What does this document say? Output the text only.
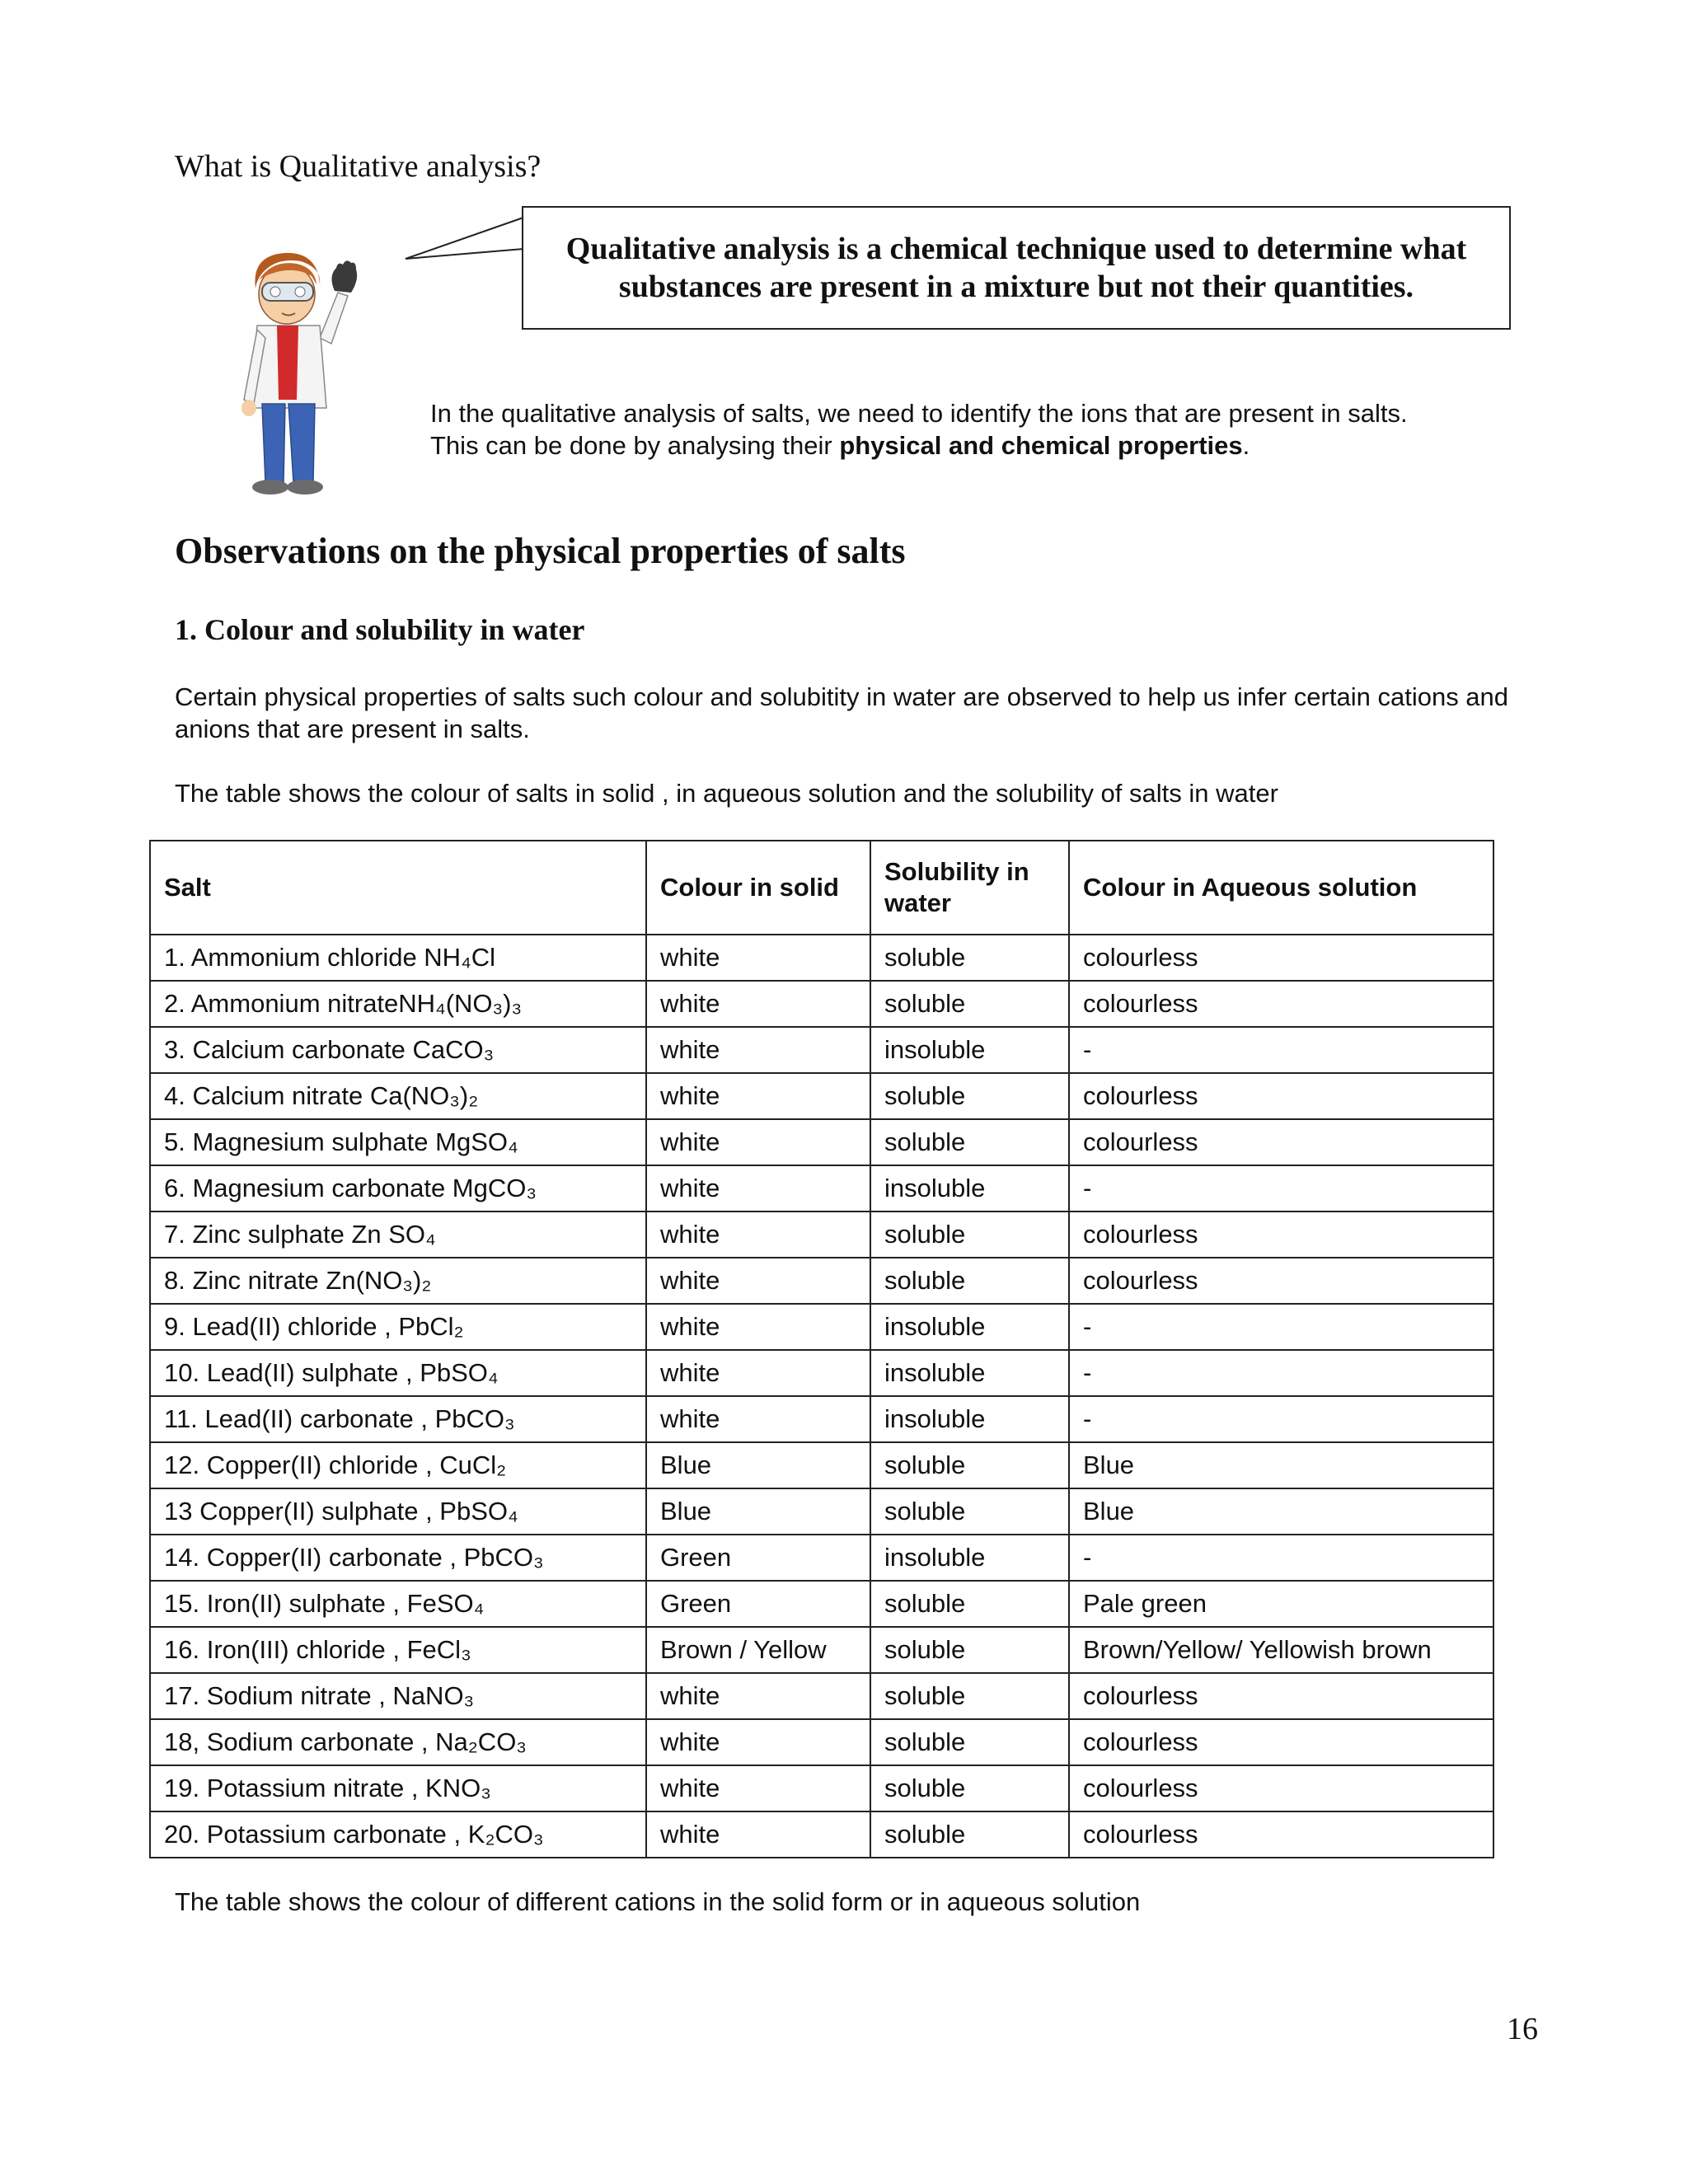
What is Qualitative analysis?
Qualitative analysis is a chemical technique used to determine what substances are present in a mixture but not their quantities.

In the qualitative analysis of salts, we need to identify the ions that are present in salts.

This can be done by analysing their physical and chemical properties.

Observations on the physical properties of salts
1. Colour and solubility in water
Certain physical properties of salts such colour and solubitity in water are observed to help us infer certain cations and anions that are present in salts.
The table shows the colour of salts in solid , in aqueous solution and the solubility of salts in water
Salt	Colour in solid	Solubility in water	Colour in Aqueous solution
1. Ammonium chloride NH₄Cl	white	soluble	colourless
2. Ammonium nitrateNH₄(NO₃)₃	white	soluble	colourless
3. Calcium carbonate CaCO₃	white	insoluble	-
4. Calcium nitrate Ca(NO₃)₂	white	soluble	colourless
5. Magnesium sulphate MgSO₄	white	soluble	colourless
6. Magnesium carbonate MgCO₃	white	insoluble	-
7. Zinc sulphate Zn SO₄	white	soluble	colourless
8. Zinc nitrate Zn(NO₃)₂	white	soluble	colourless
9. Lead(II) chloride , PbCl₂	white	insoluble	-
10. Lead(II) sulphate , PbSO₄	white	insoluble	-
11. Lead(II) carbonate , PbCO₃	white	insoluble	-
12. Copper(II) chloride , CuCl₂	Blue	soluble	Blue
13 Copper(II) sulphate , PbSO₄	Blue	soluble	Blue
14. Copper(II) carbonate , PbCO₃	Green	insoluble	-
15. Iron(II) sulphate , FeSO₄	Green	soluble	Pale green
16. Iron(III) chloride , FeCl₃	Brown / Yellow	soluble	Brown/Yellow/ Yellowish brown
17. Sodium nitrate , NaNO₃	white	soluble	colourless
18, Sodium carbonate , Na₂CO₃	white	soluble	colourless
19. Potassium nitrate , KNO₃	white	soluble	colourless
20. Potassium carbonate , K₂CO₃	white	soluble	colourless
The table shows the colour of different cations in the solid form or in aqueous solution
16
